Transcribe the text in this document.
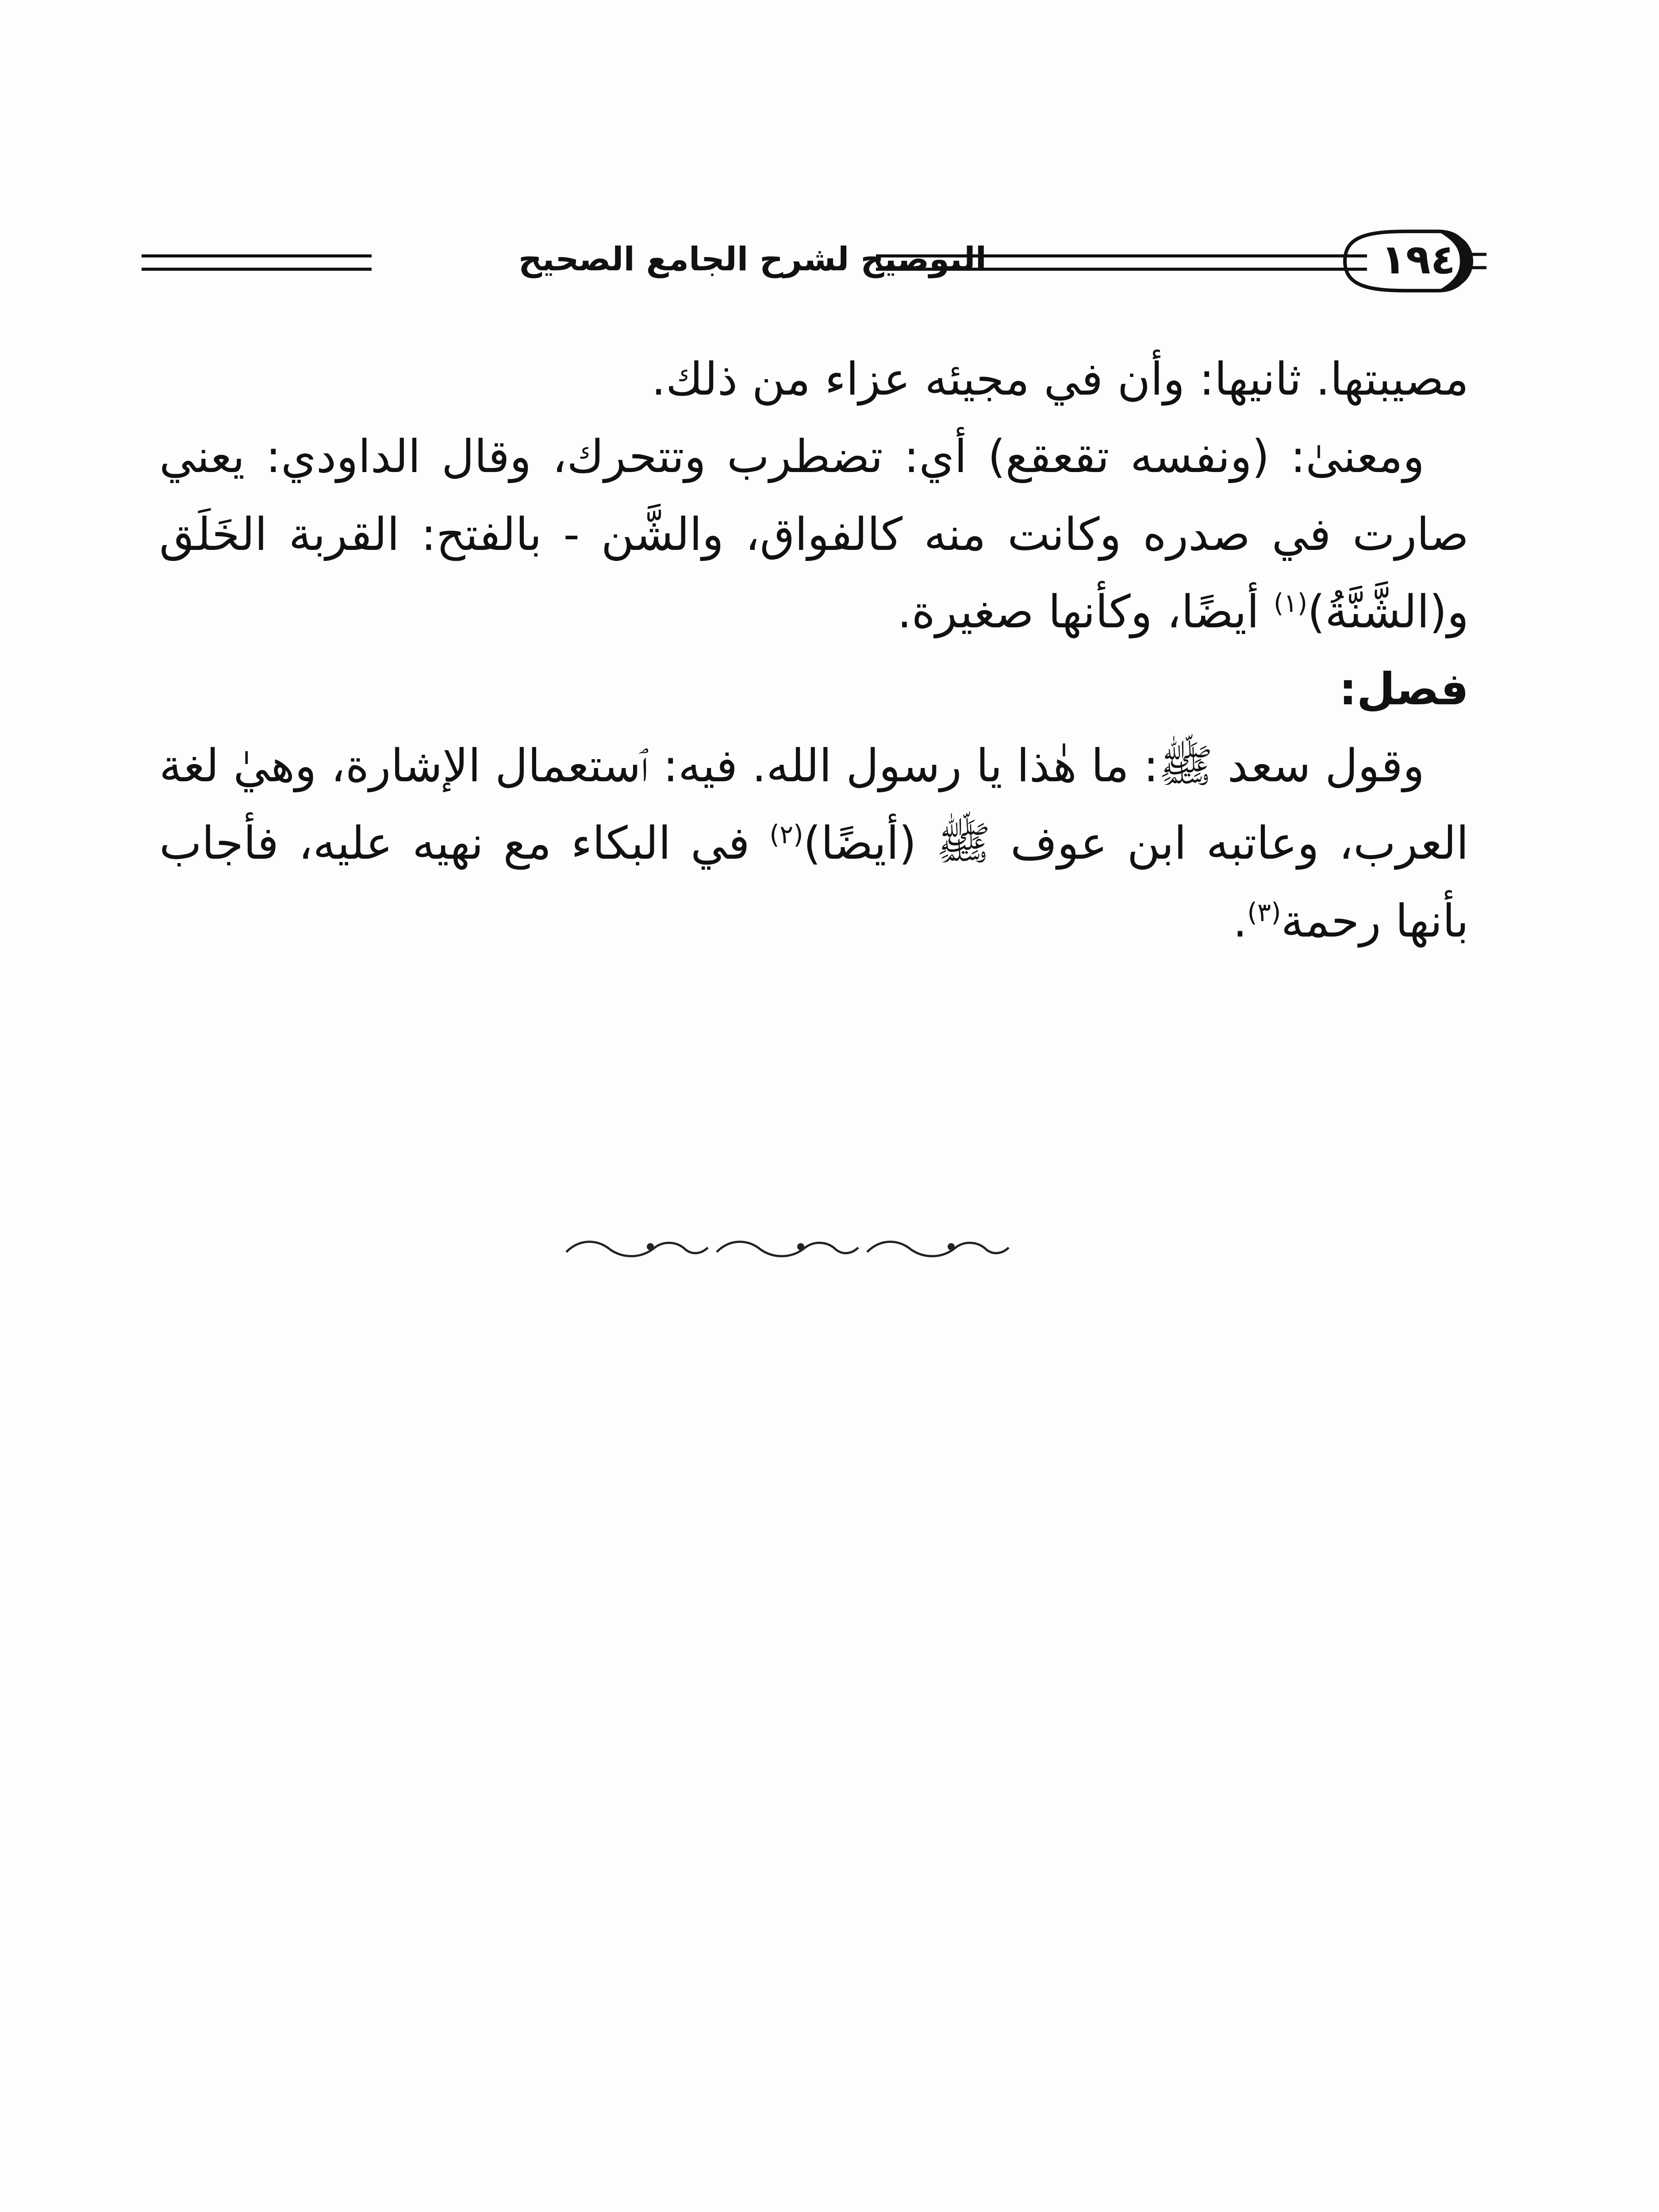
التوضيح لشرح الجامع الصحيح	١٩٤

مصيبتها. ثانيها: وأن في مجيئه عزاء من ذلك.

ومعنىٰ: (ونفسه تقعقع) أي: تضطرب وتتحرك، وقال الداودي: يعني صارت في صدره وكانت منه كالفواق، والشَّن - بالفتح: القربة الخَلَق و(الشَّنَّةُ)$^{(١)}$ أيضًا، وكأنها صغيرة.

فصل:

وقول سعد ﷺ: ما هٰذا يا رسول الله. فيه: ٱستعمال الإشارة، وهيٰ لغة العرب، وعاتبه ابن عوف ﷺ (أيضًا)$^{(٢)}$ في البكاء مع نهيه عليه، فأجاب بأنها رحمة$^{(٣)}$.
